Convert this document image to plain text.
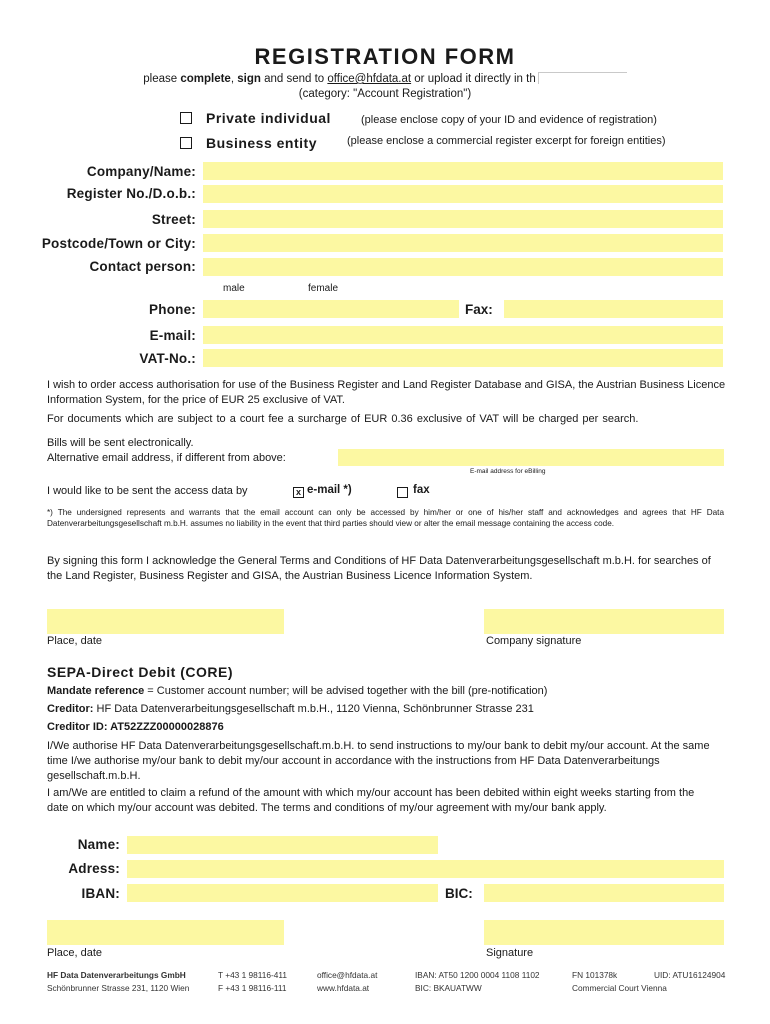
REGISTRATION FORM
please complete, sign and send to office@hfdata.at or upload it directly in th
(category: "Account Registration")
Private individual	(please enclose copy of your ID and evidence of registration)
Business entity	(please enclose a commercial register excerpt for foreign entities)
Company/Name:
Register No./D.o.b.:
Street:
Postcode/Town or City:
Contact person:
male	female
Phone:	Fax:
E-mail:
VAT-No.:
I wish to order access authorisation for use of the Business Register and Land Register Database and GISA, the Austrian Business Licence Information System, for the price of EUR 25 exclusive of VAT.
For documents which are subject to a court fee a surcharge of EUR 0.36 exclusive of VAT will be charged per search.
Bills will be sent electronically.
Alternative email address, if different from above:
E-mail address for eBilling
I would like to be sent the access data by	x e-mail *)	fax
*) The undersigned represents and warrants that the email account can only be accessed by him/her or one of his/her staff and acknowledges and agrees that HF Data Datenverarbeitungsgesellschaft m.b.H. assumes no liability in the event that third parties should view or alter the email message containing the access code.
By signing this form I acknowledge the General Terms and Conditions of HF Data Datenverarbeitungsgesellschaft m.b.H. for searches of the Land Register, Business Register and GISA, the Austrian Business Licence Information System.
Place, date	Company signature
SEPA-Direct Debit (CORE)
Mandate reference = Customer account number; will be advised together with the bill (pre-notification)
Creditor: HF Data Datenverarbeitungsgesellschaft m.b.H., 1120 Vienna, Schönbrunner Strasse 231
Creditor ID: AT52ZZZ00000028876
I/We authorise HF Data Datenverarbeitungsgesellschaft.m.b.H. to send instructions to my/our bank to debit my/our account. At the same time I/we authorise my/our bank to debit my/our account in accordance with the instructions from HF Data Datenverarbeitungs gesellschaft.m.b.H.
I am/We are entitled to claim a refund of the amount with which my/our account has been debited within eight weeks starting from the date on which my/our account was debited. The terms and conditions of my/our agreement with my/our bank apply.
Name:
Adress:
IBAN:	BIC:
Place, date	Signature
HF Data Datenverarbeitungs GmbH
Schönbrunner Strasse 231, 1120 Wien
T +43 1 98116-411
F +43 1 98116-111
office@hfdata.at
www.hfdata.at
IBAN: AT50 1200 0004 1108 1102
BIC: BKAUATWW
FN 101378k	UID: ATU16124904
Commercial Court Vienna
